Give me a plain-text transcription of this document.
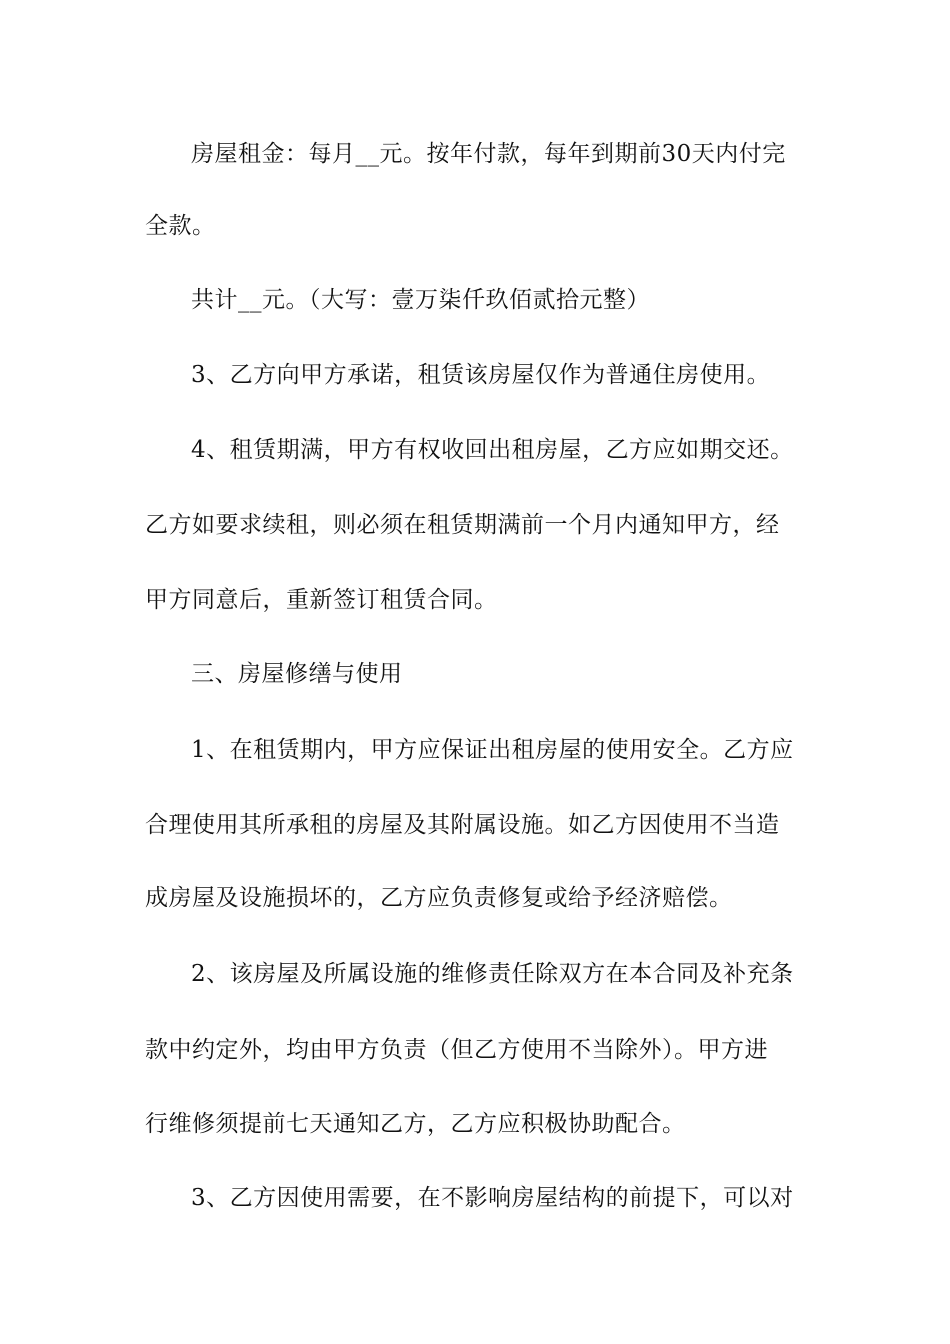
房屋租金：每月__元。按年付款，每年到期前30天内付完
全款。
共计__元。（大写：壹万柒仟玖佰贰拾元整）
3、乙方向甲方承诺，租赁该房屋仅作为普通住房使用。
4、租赁期满，甲方有权收回出租房屋，乙方应如期交还。
乙方如要求续租，则必须在租赁期满前一个月内通知甲方，经
甲方同意后，重新签订租赁合同。
三、房屋修缮与使用
1、在租赁期内，甲方应保证出租房屋的使用安全。乙方应
合理使用其所承租的房屋及其附属设施。如乙方因使用不当造
成房屋及设施损坏的，乙方应负责修复或给予经济赔偿。
2、该房屋及所属设施的维修责任除双方在本合同及补充条
款中约定外，均由甲方负责（但乙方使用不当除外）。甲方进
行维修须提前七天通知乙方，乙方应积极协助配合。
3、乙方因使用需要，在不影响房屋结构的前提下，可以对
